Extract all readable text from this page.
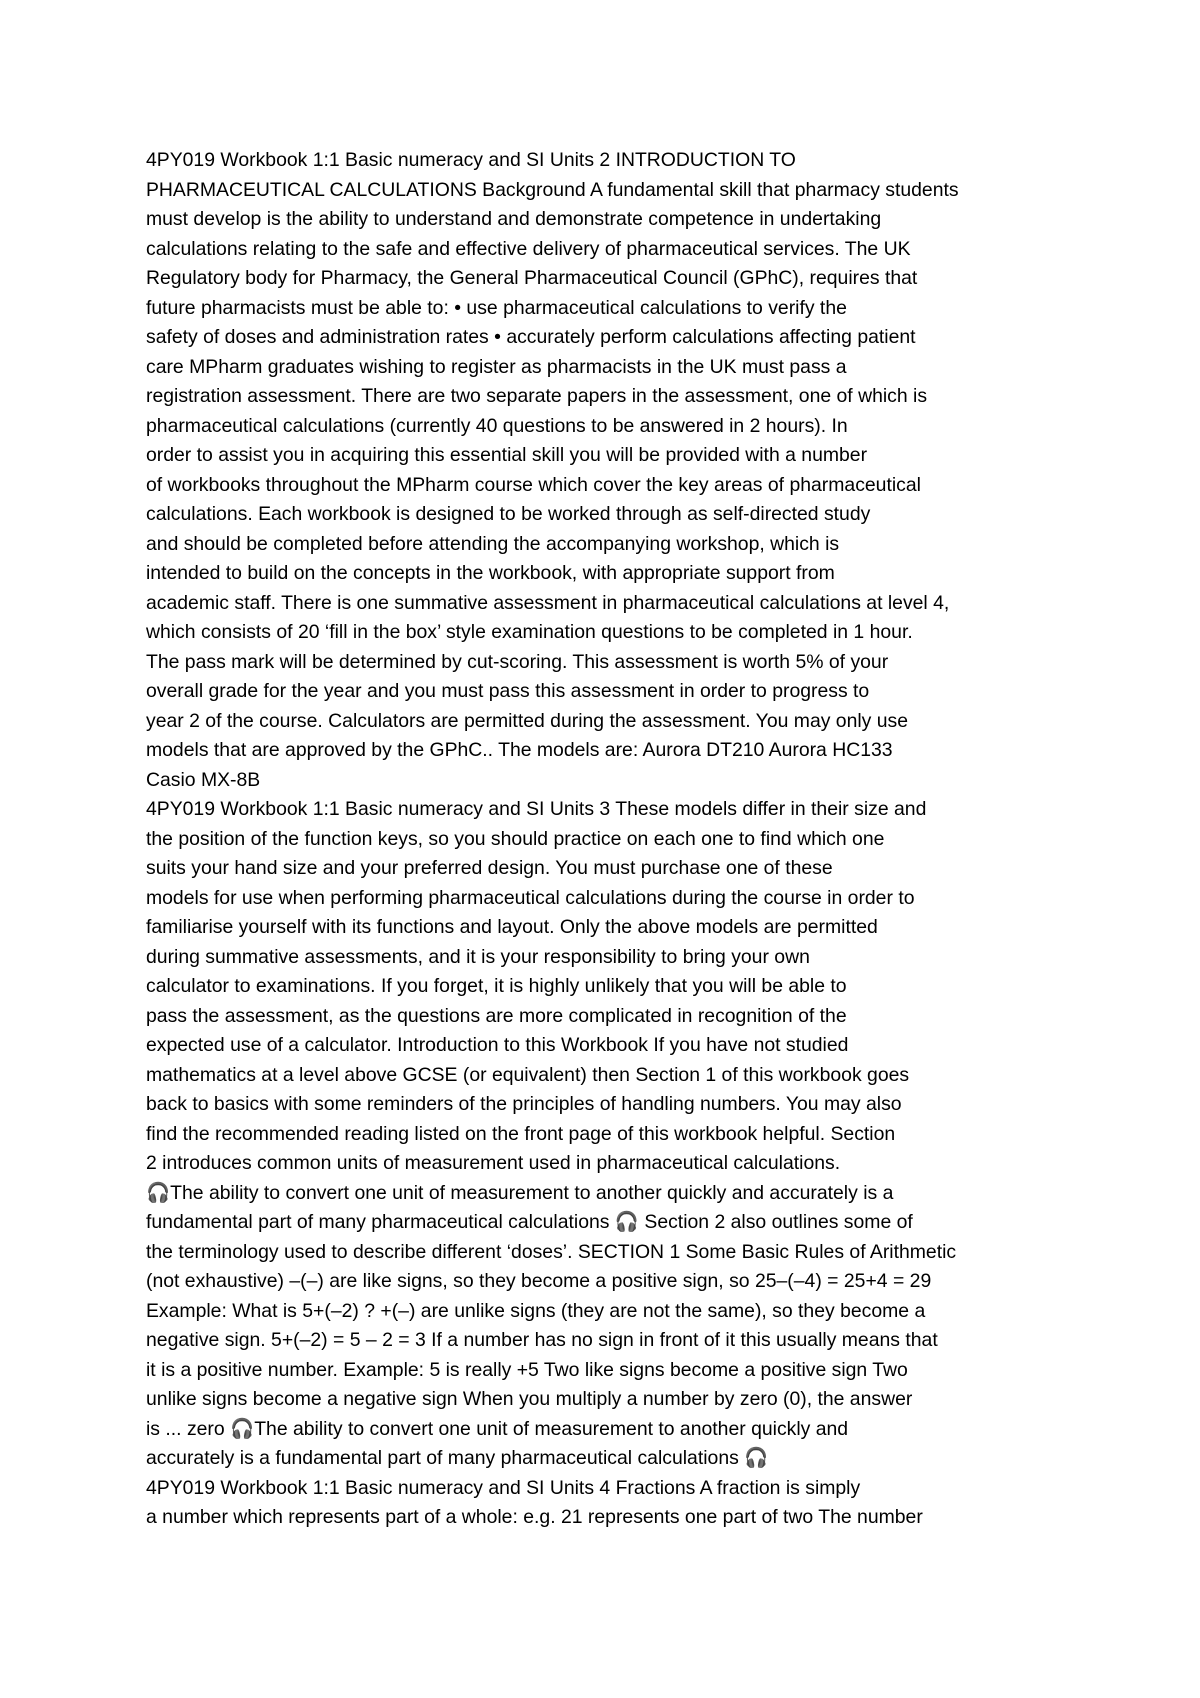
4PY019 Workbook 1:1 Basic numeracy and SI Units 2 INTRODUCTION TO
PHARMACEUTICAL CALCULATIONS Background A fundamental skill that pharmacy students
must develop is the ability to understand and demonstrate competence in undertaking
calculations relating to the safe and effective delivery of pharmaceutical services. The UK
Regulatory body for Pharmacy, the General Pharmaceutical Council (GPhC), requires that
future pharmacists must be able to: • use pharmaceutical calculations to verify the
safety of doses and administration rates • accurately perform calculations affecting patient
care MPharm graduates wishing to register as pharmacists in the UK must pass a
registration assessment. There are two separate papers in the assessment, one of which is
pharmaceutical calculations (currently 40 questions to be answered in 2 hours). In
order to assist you in acquiring this essential skill you will be provided with a number
of workbooks throughout the MPharm course which cover the key areas of pharmaceutical
calculations. Each workbook is designed to be worked through as self-directed study
and should be completed before attending the accompanying workshop, which is
intended to build on the concepts in the workbook, with appropriate support from
academic staff. There is one summative assessment in pharmaceutical calculations at level 4,
which consists of 20 ‘fill in the box’ style examination questions to be completed in 1 hour.
The pass mark will be determined by cut-scoring. This assessment is worth 5% of your
overall grade for the year and you must pass this assessment in order to progress to
year 2 of the course. Calculators are permitted during the assessment. You may only use
models that are approved by the GPhC.. The models are: Aurora DT210 Aurora HC133
Casio MX-8B
4PY019 Workbook 1:1 Basic numeracy and SI Units 3 These models differ in their size and
the position of the function keys, so you should practice on each one to find which one
suits your hand size and your preferred design. You must purchase one of these
models for use when performing pharmaceutical calculations during the course in order to
familiarise yourself with its functions and layout. Only the above models are permitted
during summative assessments, and it is your responsibility to bring your own
calculator to examinations. If you forget, it is highly unlikely that you will be able to
pass the assessment, as the questions are more complicated in recognition of the
expected use of a calculator. Introduction to this Workbook If you have not studied
mathematics at a level above GCSE (or equivalent) then Section 1 of this workbook goes
back to basics with some reminders of the principles of handling numbers. You may also
find the recommended reading listed on the front page of this workbook helpful. Section
2 introduces common units of measurement used in pharmaceutical calculations.
🎧The ability to convert one unit of measurement to another quickly and accurately is a
fundamental part of many pharmaceutical calculations 🎧 Section 2 also outlines some of
the terminology used to describe different ‘doses’. SECTION 1 Some Basic Rules of Arithmetic
(not exhaustive) –(–) are like signs, so they become a positive sign, so 25–(–4) = 25+4 = 29
Example: What is 5+(–2) ? +(–) are unlike signs (they are not the same), so they become a
negative sign. 5+(–2) = 5 – 2 = 3 If a number has no sign in front of it this usually means that
it is a positive number. Example: 5 is really +5 Two like signs become a positive sign Two
unlike signs become a negative sign When you multiply a number by zero (0), the answer
is ... zero 🎧The ability to convert one unit of measurement to another quickly and
accurately is a fundamental part of many pharmaceutical calculations 🎧
4PY019 Workbook 1:1 Basic numeracy and SI Units 4 Fractions A fraction is simply
a number which represents part of a whole: e.g. 21 represents one part of two The number
